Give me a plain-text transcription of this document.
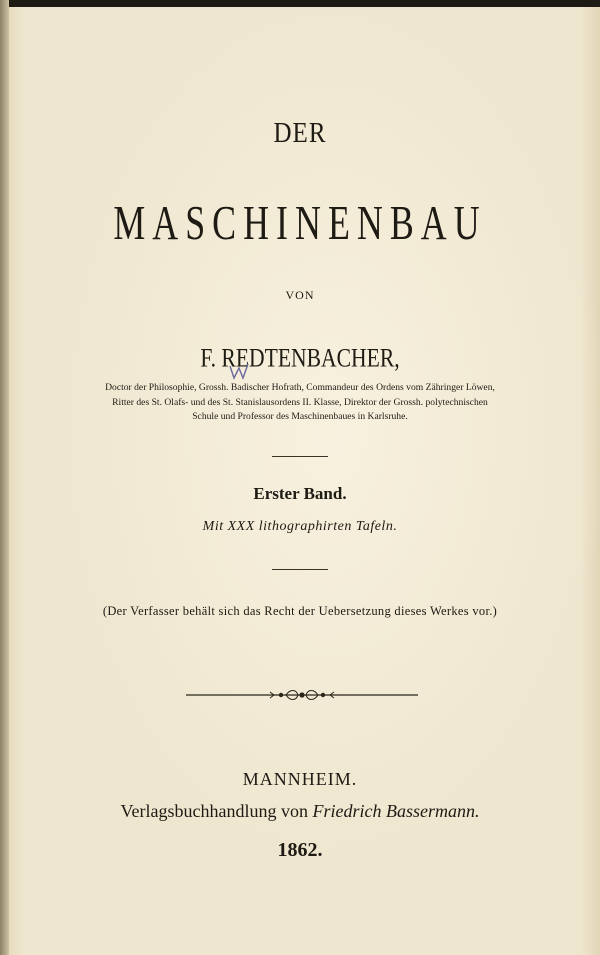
DER
MASCHINENBAU
VON
F. REDTENBACHER,
Doctor der Philosophie, Grossh. Badischer Hofrath, Commandeur des Ordens vom Zähringer Löwen,
Ritter des St. Olafs- und des St. Stanislausordens II. Klasse, Direktor der Grossh. polytechnischen
Schule und Professor des Maschinenbaues in Karlsruhe.
Erster Band.
Mit XXX lithographirten Tafeln.
(Der Verfasser behält sich das Recht der Uebersetzung dieses Werkes vor.)
MANNHEIM.
Verlagsbuchhandlung von Friedrich Bassermann.
1862.
